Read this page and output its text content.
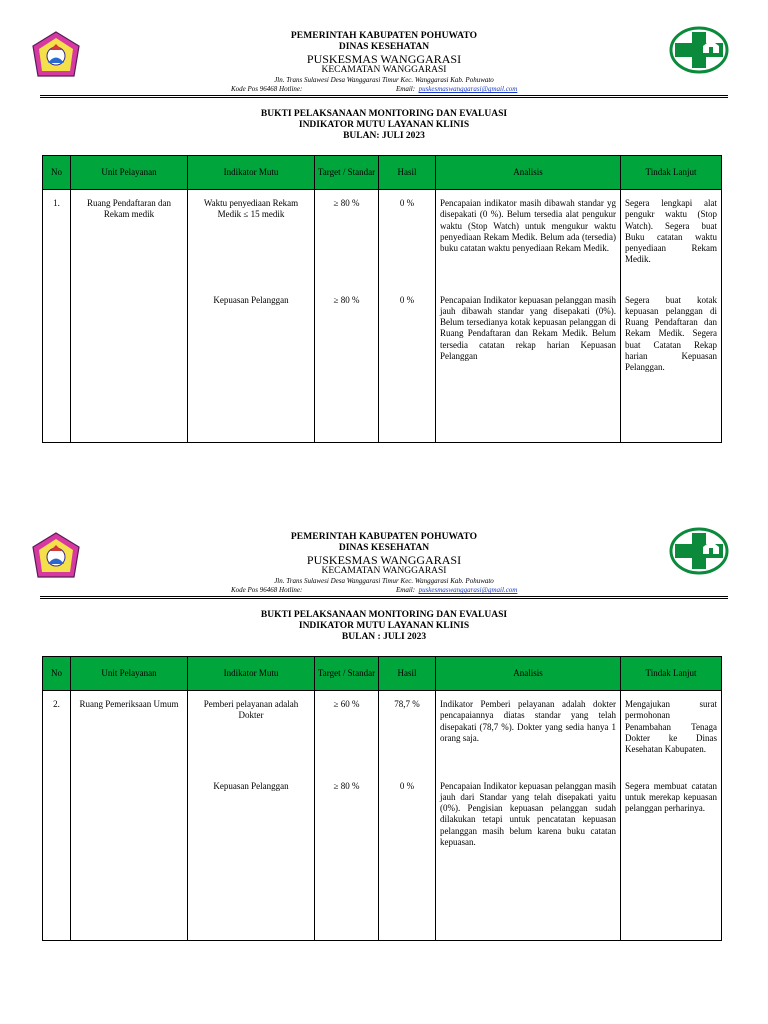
PEMERINTAH KABUPATEN POHUWATO
DINAS KESEHATAN
PUSKESMAS WANGGARASI
KECAMATAN WANGGARASI
Jln. Trans Sulawesi Desa Wanggarasi Timur Kec. Wanggarasi Kab. Pohuwato
Kode Pos 96468 Hotline:	Email: puskesmaswanggarasi@gmail.com
BUKTI PELAKSANAAN MONITORING DAN EVALUASI
INDIKATOR MUTU LAYANAN KLINIS
BULAN: JULI 2023
No	Unit Pelayanan	Indikator Mutu	Target / Standar	Hasil	Analisis	Tindak Lanjut
1.	Ruang Pendaftaran dan Rekam medik	Waktu penyediaan Rekam Medik ≤ 15 medik	≥ 80 %	0 %	Pencapaian indikator masih dibawah standar yg disepakati (0 %). Belum tersedia alat pengukur waktu (Stop Watch) untuk mengukur waktu penyediaan Rekam Medik. Belum ada (tersedia) buku catatan waktu penyediaan Rekam Medik.	Segera lengkapi alat pengukr waktu (Stop Watch). Segera buat Buku catatan waktu penyediaan Rekam Medik.
		Kepuasan Pelanggan	≥ 80 %	0 %	Pencapaian Indikator kepuasan pelanggan masih jauh dibawah standar yang disepakati (0%). Belum tersedianya kotak kepuasan pelanggan di Ruang Pendaftaran dan Rekam Medik. Belum tersedia catatan rekap harian Kepuasan Pelanggan	Segera buat kotak kepuasan pelanggan di Ruang Pendaftaran dan Rekam Medik. Segera buat Catatan Rekap harian Kepuasan Pelanggan.
PEMERINTAH KABUPATEN POHUWATO
DINAS KESEHATAN
PUSKESMAS WANGGARASI
KECAMATAN WANGGARASI
Jln. Trans Sulawesi Desa Wanggarasi Timur Kec. Wanggarasi Kab. Pohuwato
Kode Pos 96468 Hotline:	Email: puskesmaswanggarasi@gmail.com
BUKTI PELAKSANAAN MONITORING DAN EVALUASI
INDIKATOR MUTU LAYANAN KLINIS
BULAN : JULI 2023
No	Unit Pelayanan	Indikator Mutu	Target / Standar	Hasil	Analisis	Tindak Lanjut
2.	Ruang Pemeriksaan Umum	Pemberi pelayanan adalah Dokter	≥ 60 %	78,7 %	Indikator Pemberi pelayanan adalah dokter pencapaiannya diatas standar yang telah disepakati (78,7 %). Dokter yang sedia hanya 1 orang saja.	Mengajukan surat permohonan Penambahan Tenaga Dokter ke Dinas Kesehatan Kabupaten.
		Kepuasan Pelanggan	≥ 80 %	0 %	Pencapaian Indikator kepuasan pelanggan masih jauh dari Standar yang telah disepakati yaitu (0%). Pengisian kepuasan pelanggan sudah dilakukan tetapi untuk pencatatan kepuasan pelanggan masih belum karena buku catatan kepuasan.	Segera membuat catatan untuk merekap kepuasan pelanggan perharinya.
